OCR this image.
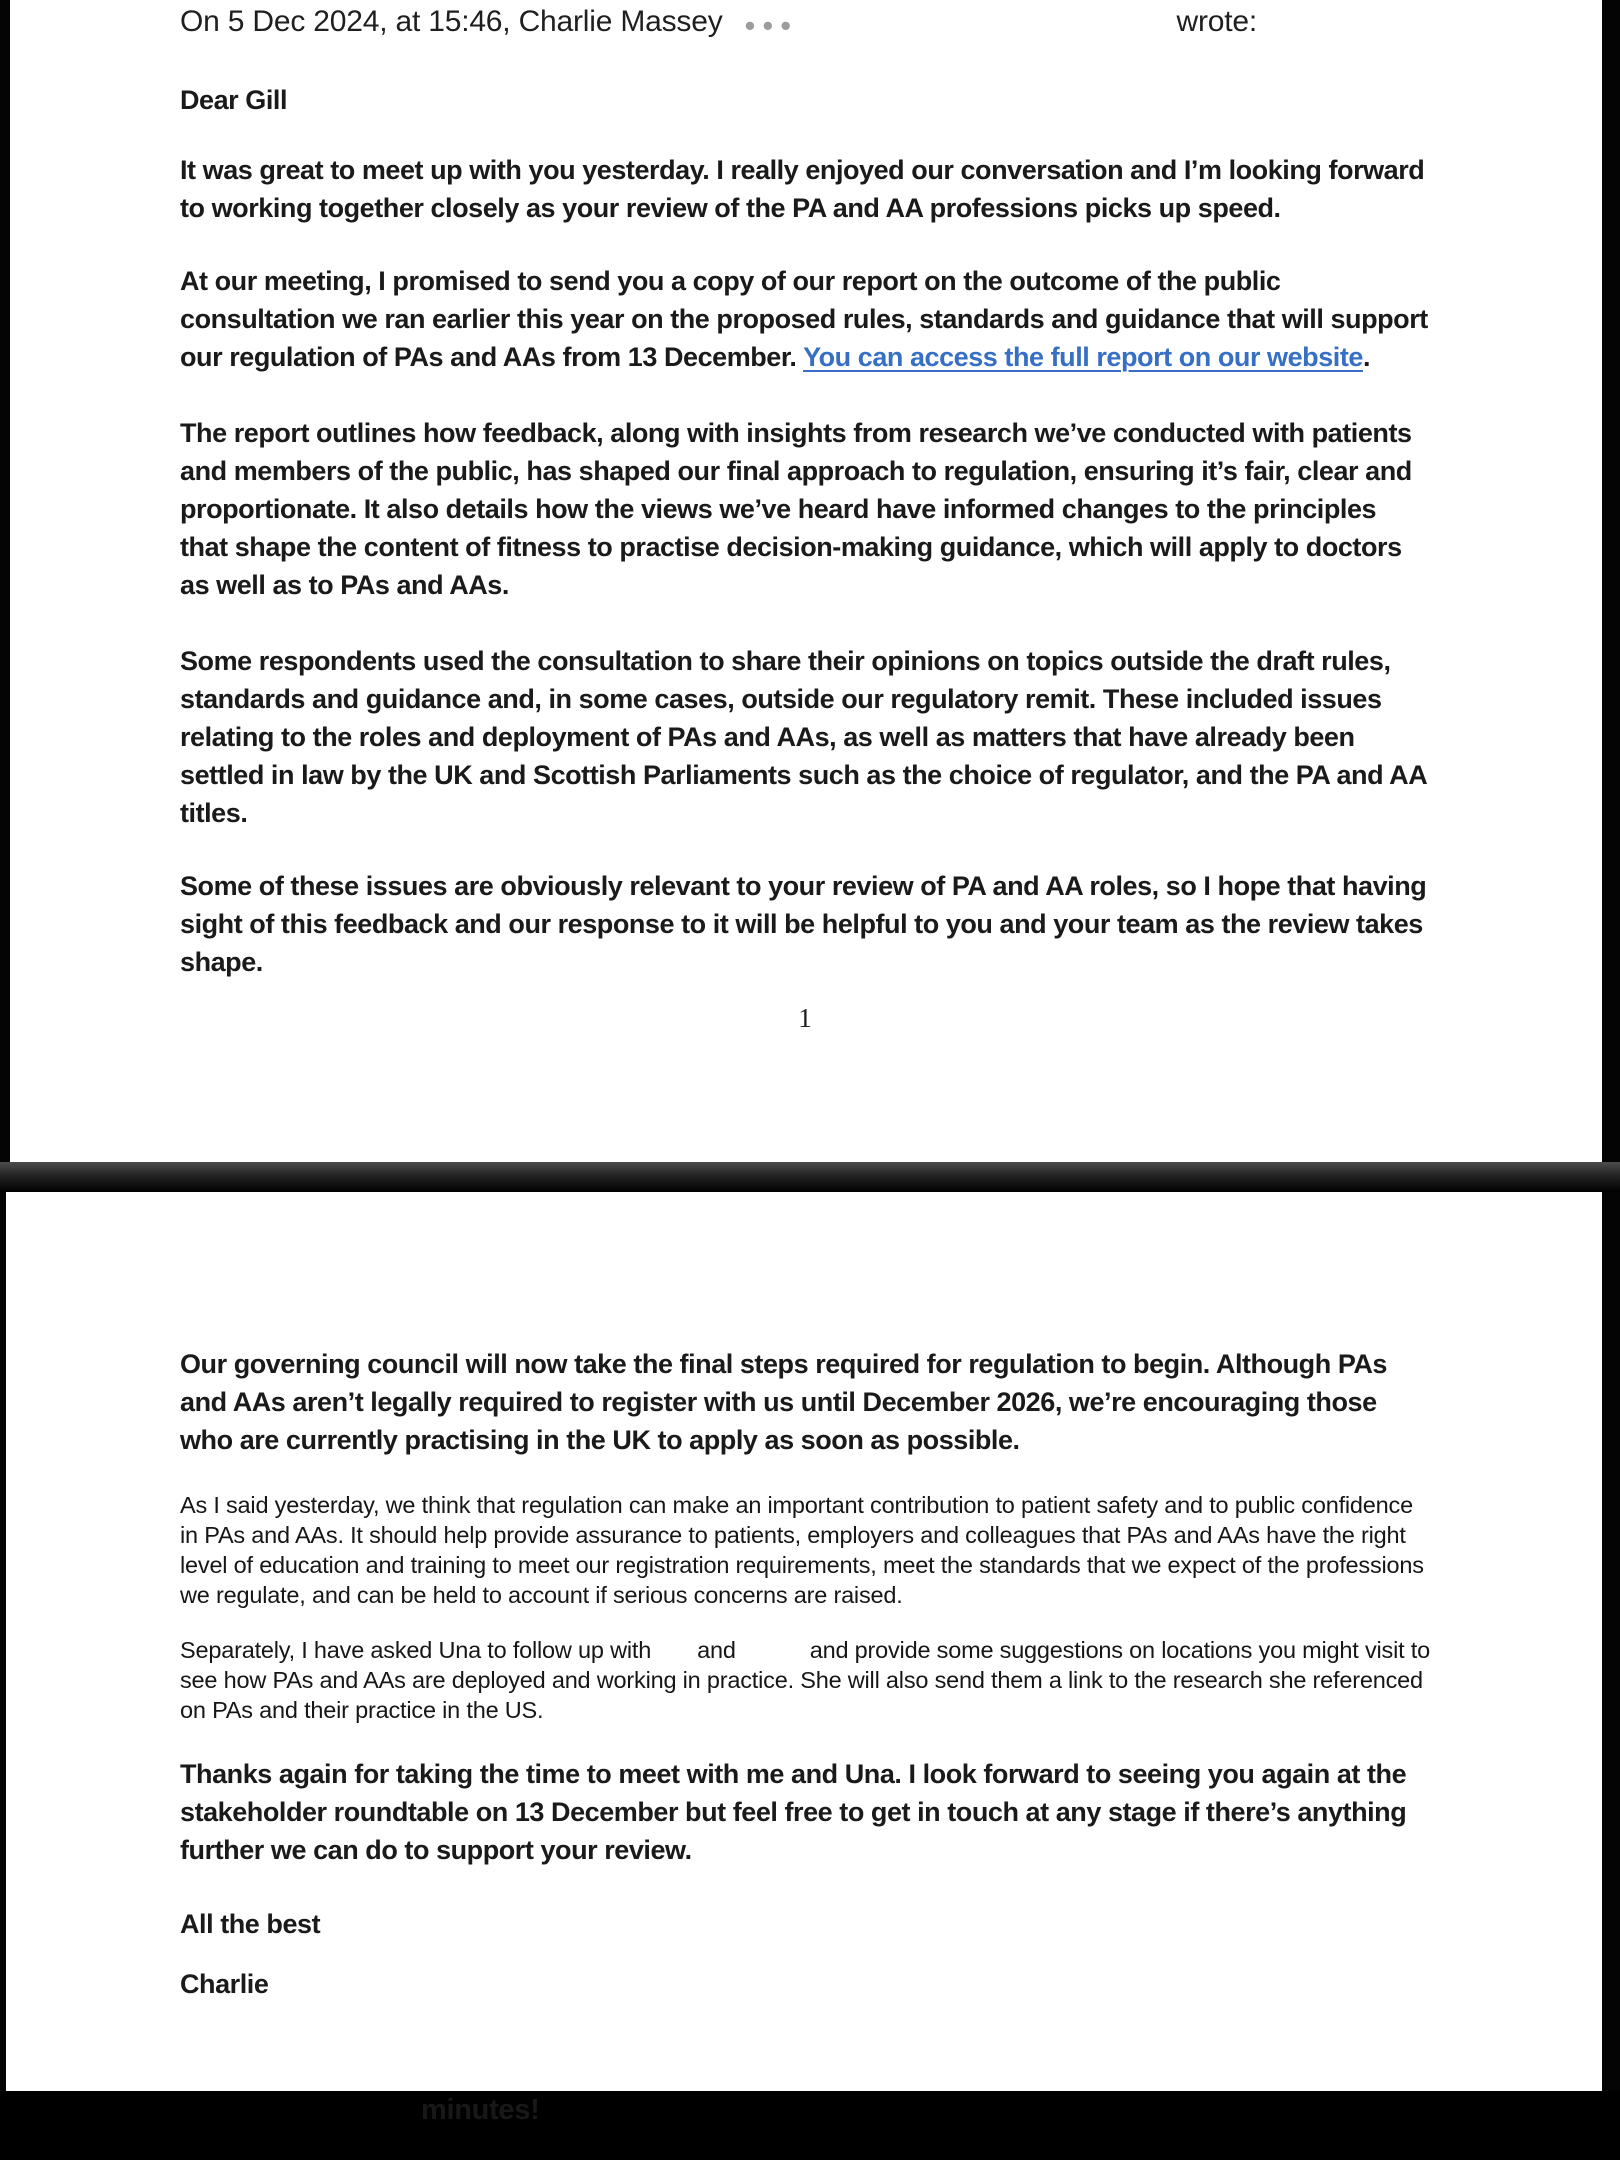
On 5 Dec 2024, at 15:46, Charlie Massey •••	wrote:

Dear Gill

It was great to meet up with you yesterday. I really enjoyed our conversation and I’m looking forward to working together closely as your review of the PA and AA professions picks up speed.

At our meeting, I promised to send you a copy of our report on the outcome of the public consultation we ran earlier this year on the proposed rules, standards and guidance that will support our regulation of PAs and AAs from 13 December. You can access the full report on our website.

The report outlines how feedback, along with insights from research we’ve conducted with patients and members of the public, has shaped our final approach to regulation, ensuring it’s fair, clear and proportionate. It also details how the views we’ve heard have informed changes to the principles that shape the content of fitness to practise decision-making guidance, which will apply to doctors as well as to PAs and AAs.

Some respondents used the consultation to share their opinions on topics outside the draft rules, standards and guidance and, in some cases, outside our regulatory remit. These included issues relating to the roles and deployment of PAs and AAs, as well as matters that have already been settled in law by the UK and Scottish Parliaments such as the choice of regulator, and the PA and AA titles.

Some of these issues are obviously relevant to your review of PA and AA roles, so I hope that having sight of this feedback and our response to it will be helpful to you and your team as the review takes shape.

1

Our governing council will now take the final steps required for regulation to begin. Although PAs and AAs aren’t legally required to register with us until December 2026, we’re encouraging those who are currently practising in the UK to apply as soon as possible.

As I said yesterday, we think that regulation can make an important contribution to patient safety and to public confidence in PAs and AAs. It should help provide assurance to patients, employers and colleagues that PAs and AAs have the right level of education and training to meet our registration requirements, meet the standards that we expect of the professions we regulate, and can be held to account if serious concerns are raised.

Separately, I have asked Una to follow up with and	and provide some suggestions on locations you might visit to see how PAs and AAs are deployed and working in practice. She will also send them a link to the research she referenced on PAs and their practice in the US.

Thanks again for taking the time to meet with me and Una. I look forward to seeing you again at the stakeholder roundtable on 13 December but feel free to get in touch at any stage if there’s anything further we can do to support your review.

All the best

Charlie

minutes!
